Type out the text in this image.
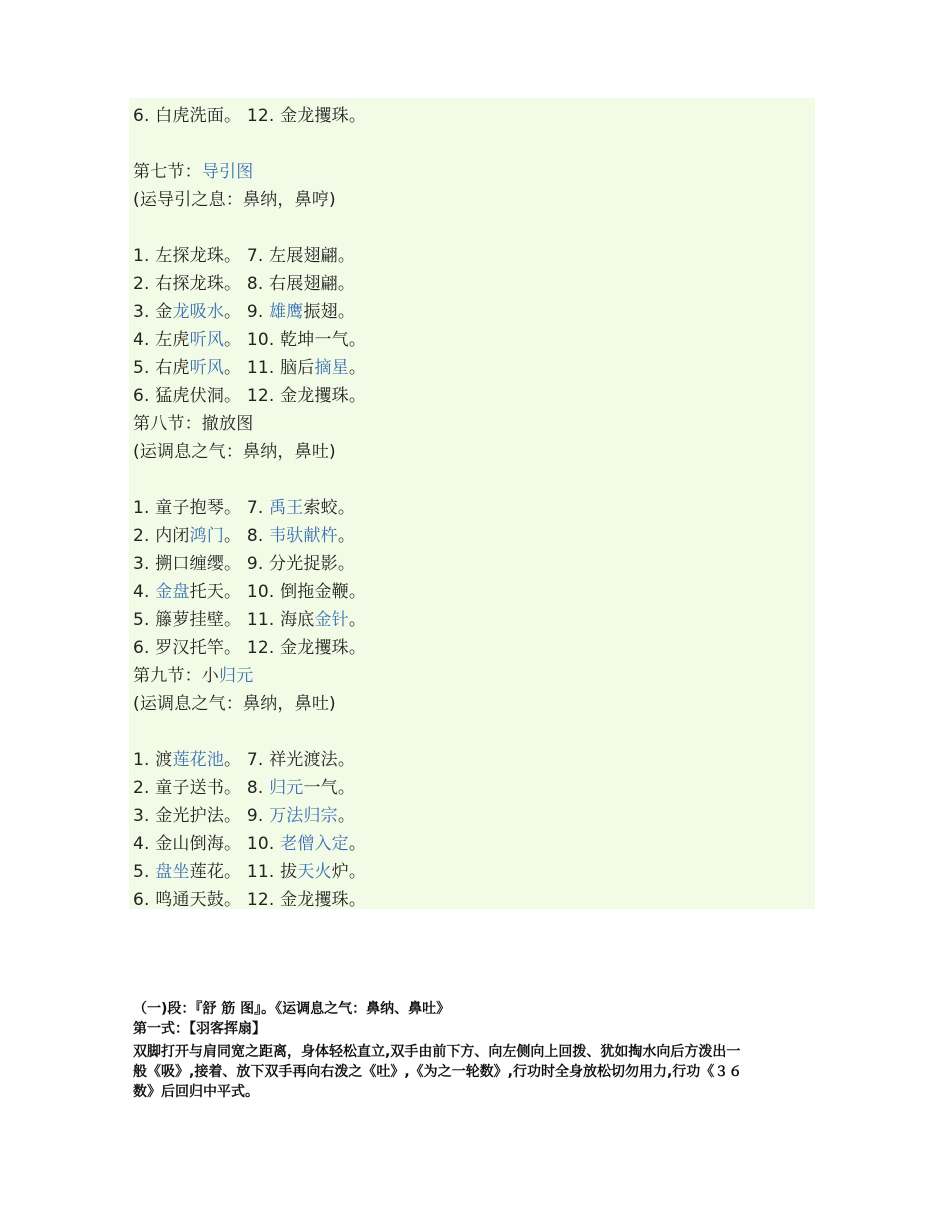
6. 白虎洗面。 12. 金龙攫珠。
第七节：导引图
(运导引之息：鼻纳，鼻哼)
1. 左探龙珠。 7. 左展翅翩。
2. 右探龙珠。 8. 右展翅翩。
3. 金龙吸水。 9. 雄鹰振翅。
4. 左虎听风。 10. 乾坤一气。
5. 右虎听风。 11. 脑后摘星。
6. 猛虎伏洞。 12. 金龙攫珠。
第八节：撤放图
(运调息之气：鼻纳，鼻吐)
1. 童子抱琴。 7. 禹王索蛟。
2. 内闭鸿门。 8. 韦驮献杵。
3. 搠口缠缨。 9. 分光捉影。
4. 金盘托天。 10. 倒拖金鞭。
5. 籐萝挂壁。 11. 海底金针。
6. 罗汉托竿。 12. 金龙攫珠。
第九节：小归元
(运调息之气：鼻纳，鼻吐)
1. 渡莲花池。 7. 祥光渡法。
2. 童子送书。 8. 归元一气。
3. 金光护法。 9. 万法归宗。
4. 金山倒海。 10. 老僧入定。
5. 盘坐莲花。 11. 拔天火炉。
6. 鸣通天鼓。 12. 金龙攫珠。
（一)段：『舒 筋 图』。《运调息之气：鼻纳、鼻吐》
第一式：【羽客挥扇】
双脚打开与肩同宽之距离，身体轻松直立,双手由前下方、向左侧向上回拨、犹如掏水向后方泼出一
般《吸》,接着、放下双手再向右泼之《吐》,《为之一轮数》,行功时全身放松切勿用力,行功《３６
数》后回归中平式。
